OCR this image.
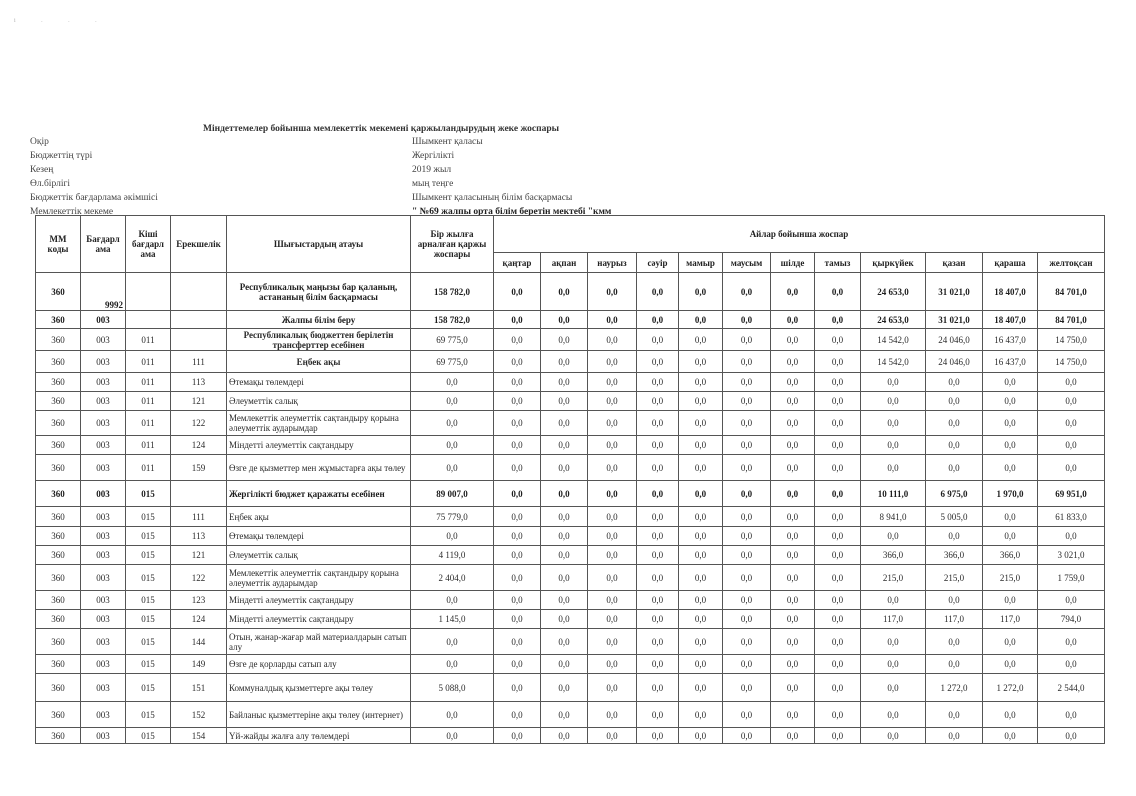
i . . .
Міндеттемелер бойынша мемлекеттік мекемені қаржыландырудың жеке жоспары
Оқір	Шымкент қаласы
Бюджеттің түрі	Жергілікті
Кезең	2019 жыл
Өл.бірлігі	мың теңге
Бюджеттік бағдарлама әкімшісі	Шымкент қаласының білім басқармасы
Мемлекеттік мекеме	" №69 жалпы орта білім беретін мектебі "кмм
ММ коды	Бағдарл ама	Кіші бағдарл ама	Ерекшелік	Шығыстардың атауы	Бір жылға арналған қаржы жоспары	Айлар бойынша жоспар											
						қаңтар	ақпан	наурыз	сәуір	мамыр	маусым	шілде	тамыз	қыркүйек	қазан	қараша	желтоқсан
360	9992			Республикалық маңызы бар қаланың, астананың білім басқармасы	158 782,0	0,0	0,0	0,0	0,0	0,0	0,0	0,0	0,0	24 653,0	31 021,0	18 407,0	84 701,0
360	003			Жалпы білім беру	158 782,0	0,0	0,0	0,0	0,0	0,0	0,0	0,0	0,0	24 653,0	31 021,0	18 407,0	84 701,0
360	003	011		Республикалық бюджеттен берілетін трансферттер есебінен	69 775,0	0,0	0,0	0,0	0,0	0,0	0,0	0,0	0,0	14 542,0	24 046,0	16 437,0	14 750,0
360	003	011	111	Еңбек ақы	69 775,0	0,0	0,0	0,0	0,0	0,0	0,0	0,0	0,0	14 542,0	24 046,0	16 437,0	14 750,0
360	003	011	113	Өтемақы төлемдері	0,0	0,0	0,0	0,0	0,0	0,0	0,0	0,0	0,0	0,0	0,0	0,0	0,0
360	003	011	121	Әлеуметтік салық	0,0	0,0	0,0	0,0	0,0	0,0	0,0	0,0	0,0	0,0	0,0	0,0	0,0
360	003	011	122	Мемлекеттік әлеуметтік сақтандыру қорына әлеуметтік аударымдар	0,0	0,0	0,0	0,0	0,0	0,0	0,0	0,0	0,0	0,0	0,0	0,0	0,0
360	003	011	124	Міндетті әлеуметтік сақтандыру	0,0	0,0	0,0	0,0	0,0	0,0	0,0	0,0	0,0	0,0	0,0	0,0	0,0
360	003	011	159	Өзге де қызметтер мен жұмыстарға ақы төлеу	0,0	0,0	0,0	0,0	0,0	0,0	0,0	0,0	0,0	0,0	0,0	0,0	0,0
360	003	015		Жергілікті бюджет қаражаты есебінен	89 007,0	0,0	0,0	0,0	0,0	0,0	0,0	0,0	0,0	10 111,0	6 975,0	1 970,0	69 951,0
360	003	015	111	Еңбек ақы	75 779,0	0,0	0,0	0,0	0,0	0,0	0,0	0,0	0,0	8 941,0	5 005,0	0,0	61 833,0
360	003	015	113	Өтемақы төлемдері	0,0	0,0	0,0	0,0	0,0	0,0	0,0	0,0	0,0	0,0	0,0	0,0	0,0
360	003	015	121	Әлеуметтік салық	4 119,0	0,0	0,0	0,0	0,0	0,0	0,0	0,0	0,0	366,0	366,0	366,0	3 021,0
360	003	015	122	Мемлекеттік әлеуметтік сақтандыру қорына әлеуметтік аударымдар	2 404,0	0,0	0,0	0,0	0,0	0,0	0,0	0,0	0,0	215,0	215,0	215,0	1 759,0
360	003	015	123	Міндетті әлеуметтік сақтандыру	0,0	0,0	0,0	0,0	0,0	0,0	0,0	0,0	0,0	0,0	0,0	0,0	0,0
360	003	015	124	Міндетті әлеуметтік сақтандыру	1 145,0	0,0	0,0	0,0	0,0	0,0	0,0	0,0	0,0	117,0	117,0	117,0	794,0
360	003	015	144	Отын, жанар-жағар май материалдарын сатып алу	0,0	0,0	0,0	0,0	0,0	0,0	0,0	0,0	0,0	0,0	0,0	0,0	0,0
360	003	015	149	Өзге де қорларды сатып алу	0,0	0,0	0,0	0,0	0,0	0,0	0,0	0,0	0,0	0,0	0,0	0,0	0,0
360	003	015	151	Коммуналдық қызметтерге ақы төлеу	5 088,0	0,0	0,0	0,0	0,0	0,0	0,0	0,0	0,0	0,0	1 272,0	1 272,0	2 544,0
360	003	015	152	Байланыс қызметтеріне ақы төлеу (интернет)	0,0	0,0	0,0	0,0	0,0	0,0	0,0	0,0	0,0	0,0	0,0	0,0	0,0
360	003	015	154	Үй-жайды жалға алу төлемдері	0,0	0,0	0,0	0,0	0,0	0,0	0,0	0,0	0,0	0,0	0,0	0,0	0,0
